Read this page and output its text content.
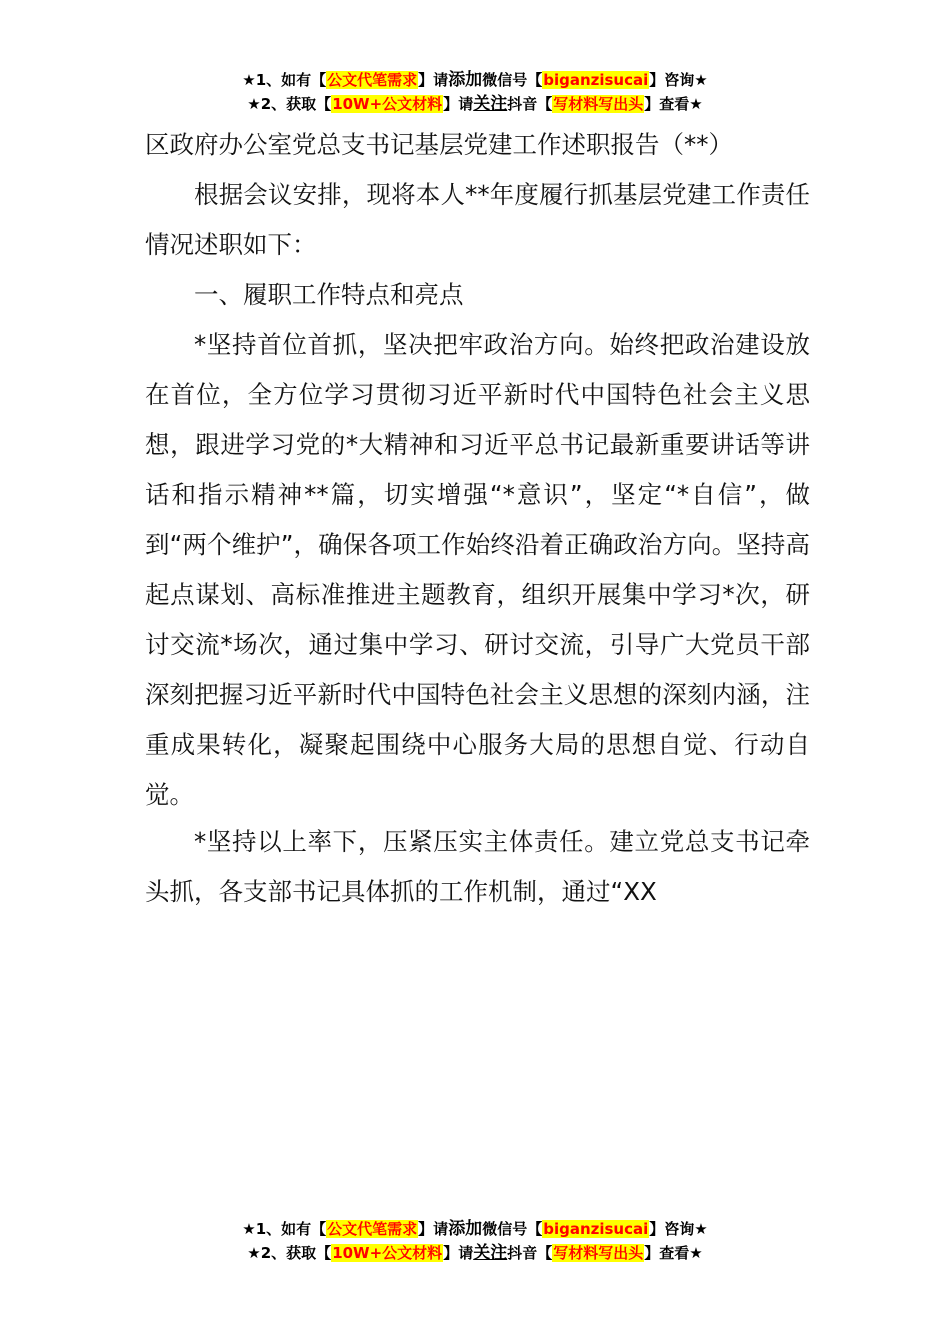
★1、如有【公文代笔需求】请添加微信号【biganzisucai】咨询★
★2、获取【10W+公文材料】请关注抖音【写材料写出头】查看★
区政府办公室党总支书记基层党建工作述职报告（**）

根据会议安排，现将本人**年度履行抓基层党建工作责任情况述职如下：

一、履职工作特点和亮点

*坚持首位首抓，坚决把牢政治方向。始终把政治建设放在首位，全方位学习贯彻习近平新时代中国特色社会主义思想，跟进学习党的*大精神和习近平总书记最新重要讲话等讲话和指示精神**篇，切实增强“*意识”，坚定“*自信”，做到“两个维护”，确保各项工作始终沿着正确政治方向。坚持高起点谋划、高标准推进主题教育，组织开展集中学习*次，研讨交流*场次，通过集中学习、研讨交流，引导广大党员干部深刻把握习近平新时代中国特色社会主义思想的深刻内涵，注重成果转化，凝聚起围绕中心服务大局的思想自觉、行动自觉。

*坚持以上率下，压紧压实主体责任。建立党总支书记牵头抓，各支部书记具体抓的工作机制，通过“XX

★1、如有【公文代笔需求】请添加微信号【biganzisucai】咨询★
★2、获取【10W+公文材料】请关注抖音【写材料写出头】查看★
